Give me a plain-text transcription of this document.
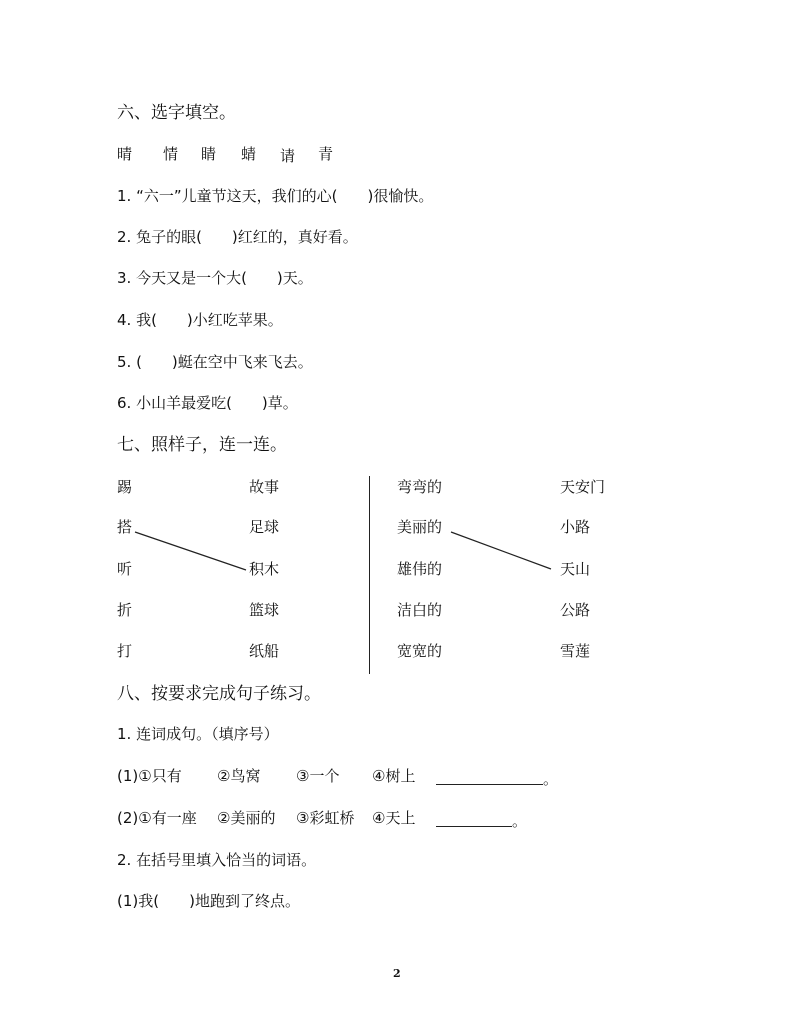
六、选字填空。
晴 情 睛 蜻 请 青
1. “六一”儿童节这天，我们的心(　　)很愉快。
2. 兔子的眼(　　)红红的，真好看。
3. 今天又是一个大(　　)天。
4. 我(　　)小红吃苹果。
5. (　　)蜓在空中飞来飞去。
6. 小山羊最爱吃(　　)草。
七、照样子，连一连。
踢
搭
听
折
打
故事
足球
积木
篮球
纸船
弯弯的
美丽的
雄伟的
洁白的
宽宽的
天安门
小路
天山
公路
雪莲
八、按要求完成句子练习。
1. 连词成句。（填序号）
(1)①只有 ②鸟窝 ③一个 ④树上	。
(2)①有一座 ②美丽的 ③彩虹桥 ④天上	。
2. 在括号里填入恰当的词语。
(1)我(　　)地跑到了终点。
2
